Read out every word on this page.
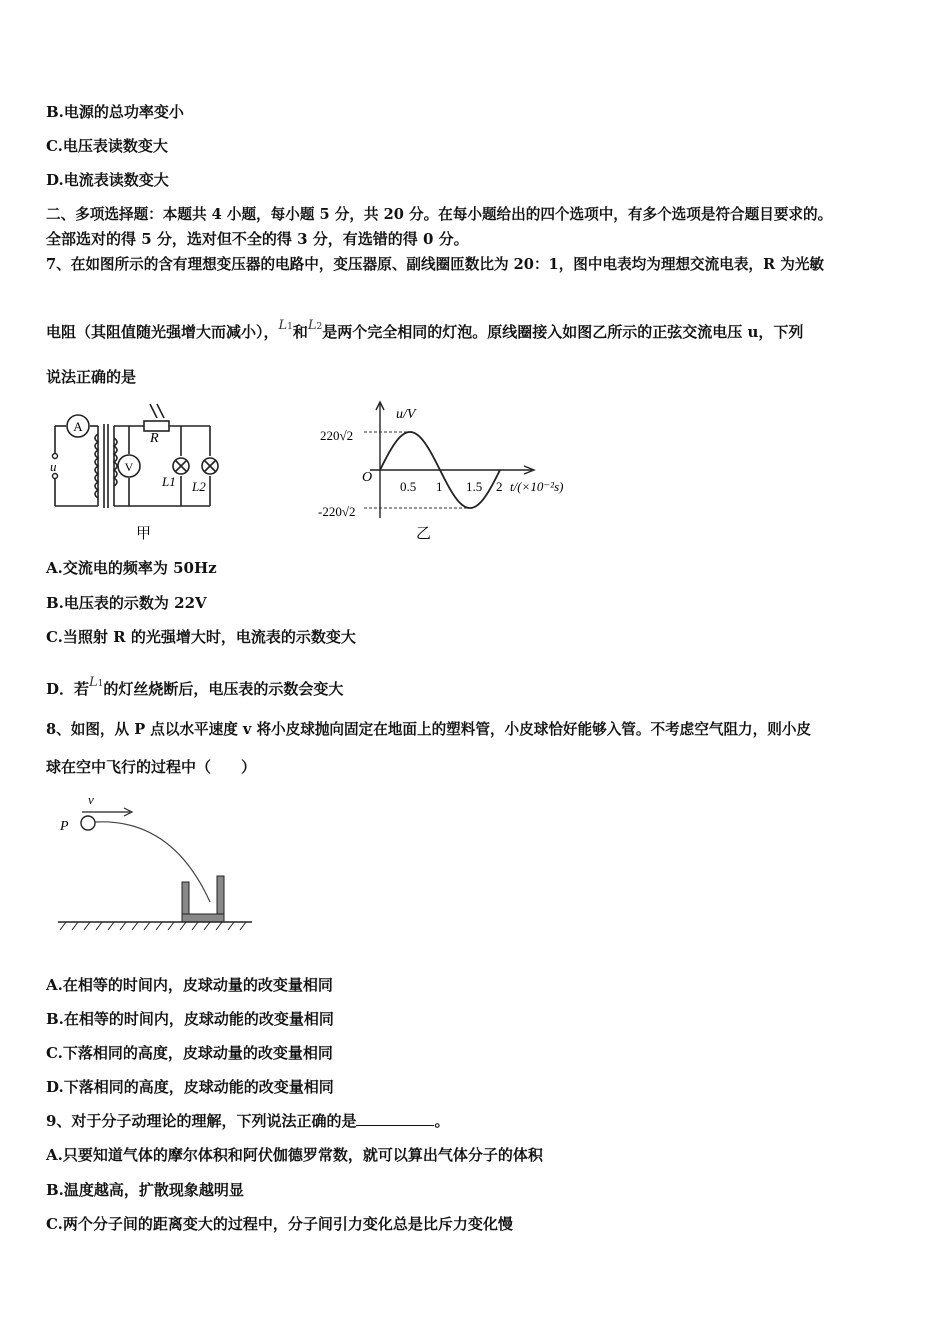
B.电源的总功率变小
C.电压表读数变大
D.电流表读数变大
二、多项选择题：本题共 4 小题，每小题 5 分，共 20 分。在每小题给出的四个选项中，有多个选项是符合题目要求的。
全部选对的得 5 分，选对但不全的得 3 分，有选错的得 0 分。
7、在如图所示的含有理想变压器的电路中，变压器原、副线圈匝数比为 20：1，图中电表均为理想交流电表，R 为光敏
电阻（其阻值随光强增大而减小），L1和L2是两个完全相同的灯泡。原线圈接入如图乙所示的正弦交流电压 u，下列
说法正确的是
A
V
R
u
L1 L2
甲
u/V
220√2
-220√2
O
0.5 1 1.5 2 t/(×10⁻²s)
乙
A.交流电的频率为 50Hz
B.电压表的示数为 22V
C.当照射 R 的光强增大时，电流表的示数变大
D．若L1的灯丝烧断后，电压表的示数会变大
8、如图，从 P 点以水平速度 v 将小皮球抛向固定在地面上的塑料管，小皮球恰好能够入管。不考虑空气阻力，则小皮
球在空中飞行的过程中（　　）
P
v
A.在相等的时间内，皮球动量的改变量相同
B.在相等的时间内，皮球动能的改变量相同
C.下落相同的高度，皮球动量的改变量相同
D.下落相同的高度，皮球动能的改变量相同
9、对于分子动理论的理解，下列说法正确的是	。
A.只要知道气体的摩尔体积和阿伏伽德罗常数，就可以算出气体分子的体积
B.温度越高，扩散现象越明显
C.两个分子间的距离变大的过程中，分子间引力变化总是比斥力变化慢
